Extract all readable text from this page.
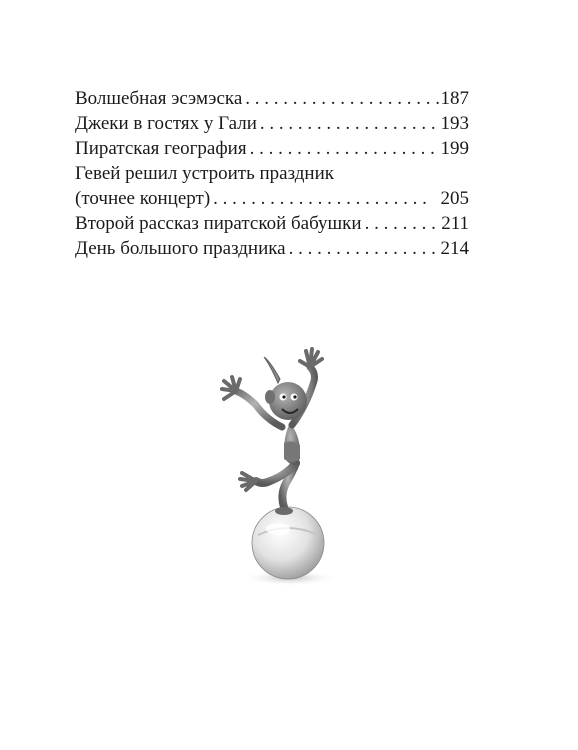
Волшебная эсэмэска . . .	187
Джеки в гостях у Гали . . .	193
Пиратская география . . .	199
Гевей решил устроить праздник
(точнее концерт) . . .	205
Второй рассказ пиратской бабушки . . .	211
День большого праздника . . .	214
